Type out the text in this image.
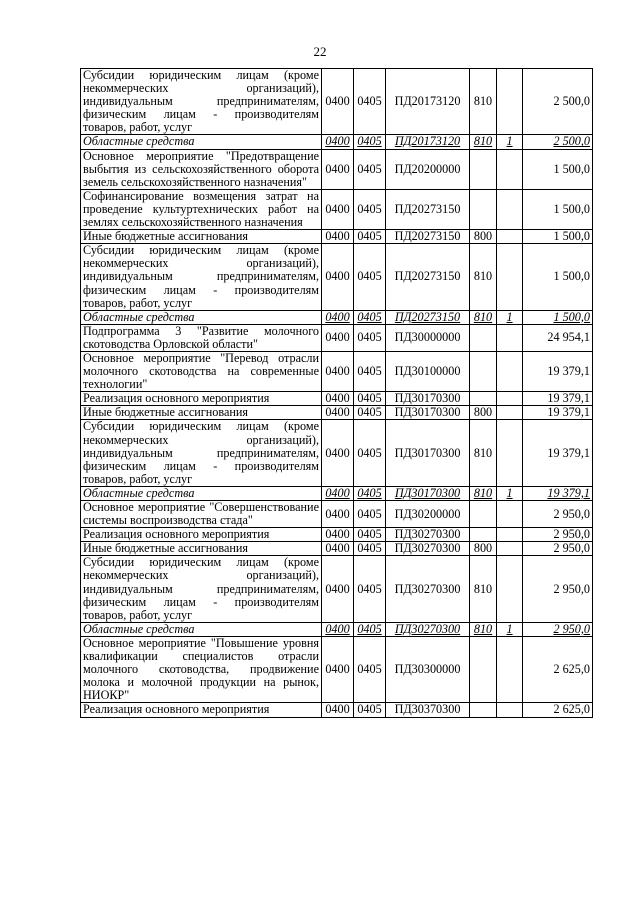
22
Субсидии юридическим лицам (кроме некоммерческих организаций), индивидуальным предпринимателям, физическим лицам - производителям товаров, работ, услуг	0400	0405	ПД20173120	810		2 500,0
Областные средства	0400	0405	ПД20173120	810	1	2 500,0
Основное мероприятие "Предотвращение выбытия из сельскохозяйственного оборота земель сельскохозяйственного назначения"	0400	0405	ПД20200000			1 500,0
Софинансирование возмещения затрат на проведение культуртехнических работ на землях сельскохозяйственного назначения	0400	0405	ПД20273150			1 500,0
Иные бюджетные ассигнования	0400	0405	ПД20273150	800		1 500,0
Субсидии юридическим лицам (кроме некоммерческих организаций), индивидуальным предпринимателям, физическим лицам - производителям товаров, работ, услуг	0400	0405	ПД20273150	810		1 500,0
Областные средства	0400	0405	ПД20273150	810	1	1 500,0
Подпрограмма 3 "Развитие молочного скотоводства Орловской области"	0400	0405	ПД30000000			24 954,1
Основное мероприятие "Перевод отрасли молочного скотоводства на современные технологии"	0400	0405	ПД30100000			19 379,1
Реализация основного мероприятия	0400	0405	ПД30170300			19 379,1
Иные бюджетные ассигнования	0400	0405	ПД30170300	800		19 379,1
Субсидии юридическим лицам (кроме некоммерческих организаций), индивидуальным предпринимателям, физическим лицам - производителям товаров, работ, услуг	0400	0405	ПД30170300	810		19 379,1
Областные средства	0400	0405	ПД30170300	810	1	19 379,1
Основное мероприятие "Совершенствование системы воспроизводства стада"	0400	0405	ПД30200000			2 950,0
Реализация основного мероприятия	0400	0405	ПД30270300			2 950,0
Иные бюджетные ассигнования	0400	0405	ПД30270300	800		2 950,0
Субсидии юридическим лицам (кроме некоммерческих организаций), индивидуальным предпринимателям, физическим лицам - производителям товаров, работ, услуг	0400	0405	ПД30270300	810		2 950,0
Областные средства	0400	0405	ПД30270300	810	1	2 950,0
Основное мероприятие "Повышение уровня квалификации специалистов отрасли молочного скотоводства, продвижение молока и молочной продукции на рынок, НИОКР"	0400	0405	ПД30300000			2 625,0
Реализация основного мероприятия	0400	0405	ПД30370300			2 625,0
